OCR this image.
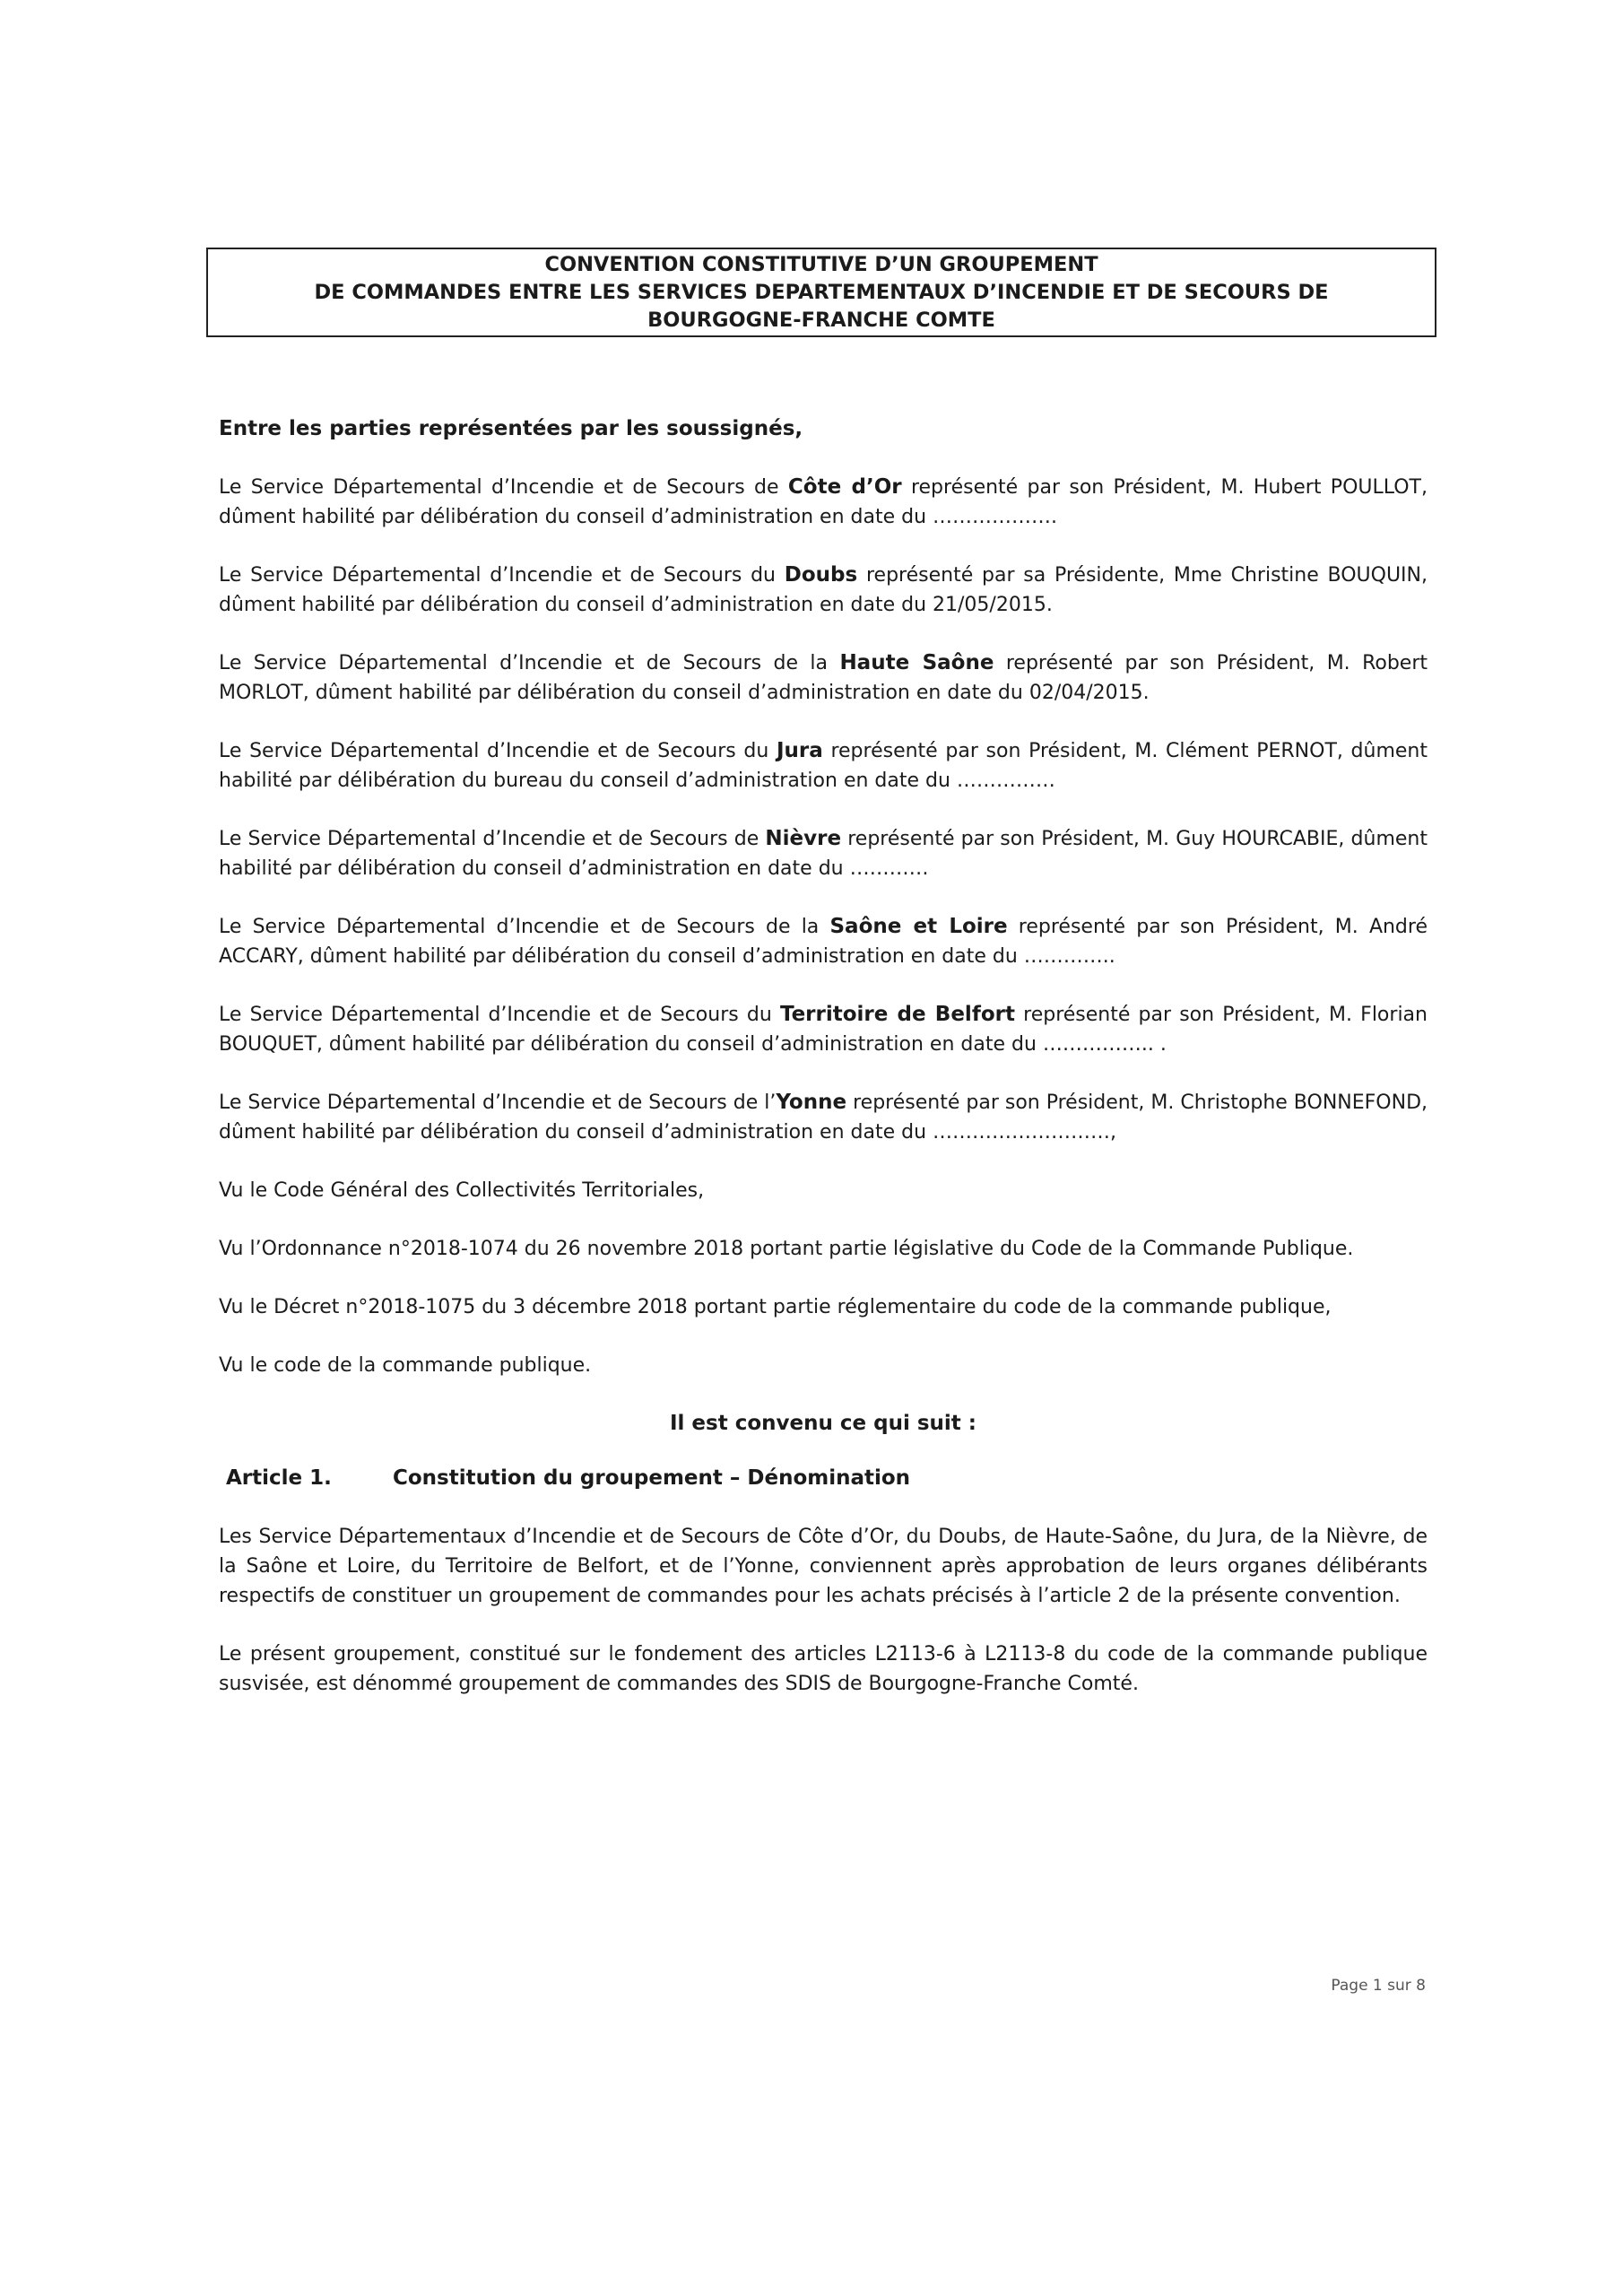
CONVENTION CONSTITUTIVE D’UN GROUPEMENT
DE COMMANDES ENTRE LES SERVICES DEPARTEMENTAUX D’INCENDIE ET DE SECOURS DE
BOURGOGNE-FRANCHE COMTE

Entre les parties représentées par les soussignés,

Le Service Départemental d’Incendie et de Secours de Côte d’Or représenté par son Président, M. Hubert POULLOT, dûment habilité par délibération du conseil d’administration en date du ……………….

Le Service Départemental d’Incendie et de Secours du Doubs représenté par sa Présidente, Mme Christine BOUQUIN, dûment habilité par délibération du conseil d’administration en date du 21/05/2015.

Le Service Départemental d’Incendie et de Secours de la Haute Saône représenté par son Président, M. Robert MORLOT, dûment habilité par délibération du conseil d’administration en date du 02/04/2015.

Le Service Départemental d’Incendie et de Secours du Jura représenté par son Président, M. Clément PERNOT, dûment habilité par délibération du bureau du conseil d’administration en date du ……………

Le Service Départemental d’Incendie et de Secours de Nièvre représenté par son Président, M. Guy HOURCABIE, dûment habilité par délibération du conseil d’administration en date du …………

Le Service Départemental d’Incendie et de Secours de la Saône et Loire représenté par son Président, M. André ACCARY, dûment habilité par délibération du conseil d’administration en date du …………..

Le Service Départemental d’Incendie et de Secours du Territoire de Belfort représenté par son Président, M. Florian BOUQUET, dûment habilité par délibération du conseil d’administration en date du …………….. .

Le Service Départemental d’Incendie et de Secours de l’Yonne représenté par son Président, M. Christophe BONNEFOND, dûment habilité par délibération du conseil d’administration en date du ………………………,

Vu le Code Général des Collectivités Territoriales,

Vu l’Ordonnance n°2018-1074 du 26 novembre 2018 portant partie législative du Code de la Commande Publique.

Vu le Décret n°2018-1075 du 3 décembre 2018 portant partie réglementaire du code de la commande publique,

Vu le code de la commande publique.

Il est convenu ce qui suit :

Article 1.	Constitution du groupement – Dénomination

Les Service Départementaux d’Incendie et de Secours de Côte d’Or, du Doubs, de Haute-Saône, du Jura, de la Nièvre, de la Saône et Loire, du Territoire de Belfort, et de l’Yonne, conviennent après approbation de leurs organes délibérants respectifs de constituer un groupement de commandes pour les achats précisés à l’article 2 de la présente convention.

Le présent groupement, constitué sur le fondement des articles L2113-6 à L2113-8 du code de la commande publique susvisée, est dénommé groupement de commandes des SDIS de Bourgogne-Franche Comté.

Page 1 sur 8
